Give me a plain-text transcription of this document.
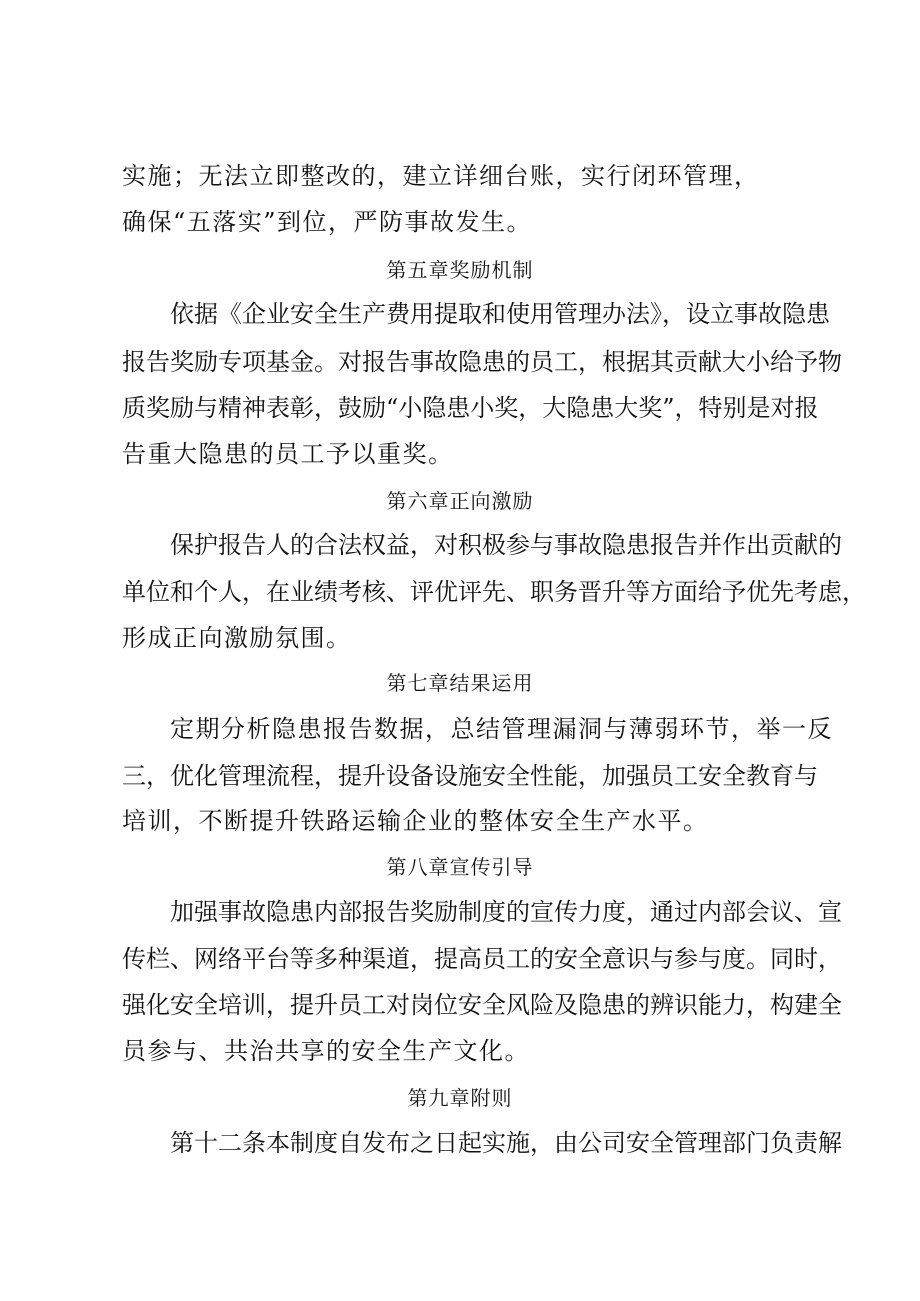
实施；无法立即整改的，建立详细台账，实行闭环管理，
确保“五落实”到位，严防事故发生。
第五章奖励机制
依据《企业安全生产费用提取和使用管理办法》，设立事故隐患
报告奖励专项基金。对报告事故隐患的员工，根据其贡献大小给予物
质奖励与精神表彰，鼓励“小隐患小奖，大隐患大奖”，特别是对报
告重大隐患的员工予以重奖。
第六章正向激励
保护报告人的合法权益，对积极参与事故隐患报告并作出贡献的
单位和个人，在业绩考核、评优评先、职务晋升等方面给予优先考虑，
形成正向激励氛围。
第七章结果运用
定期分析隐患报告数据，总结管理漏洞与薄弱环节，举一反
三，优化管理流程，提升设备设施安全性能，加强员工安全教育与
培训，不断提升铁路运输企业的整体安全生产水平。
第八章宣传引导
加强事故隐患内部报告奖励制度的宣传力度，通过内部会议、宣
传栏、网络平台等多种渠道，提高员工的安全意识与参与度。同时，
强化安全培训，提升员工对岗位安全风险及隐患的辨识能力，构建全
员参与、共治共享的安全生产文化。
第九章附则
第十二条本制度自发布之日起实施，由公司安全管理部门负责解
